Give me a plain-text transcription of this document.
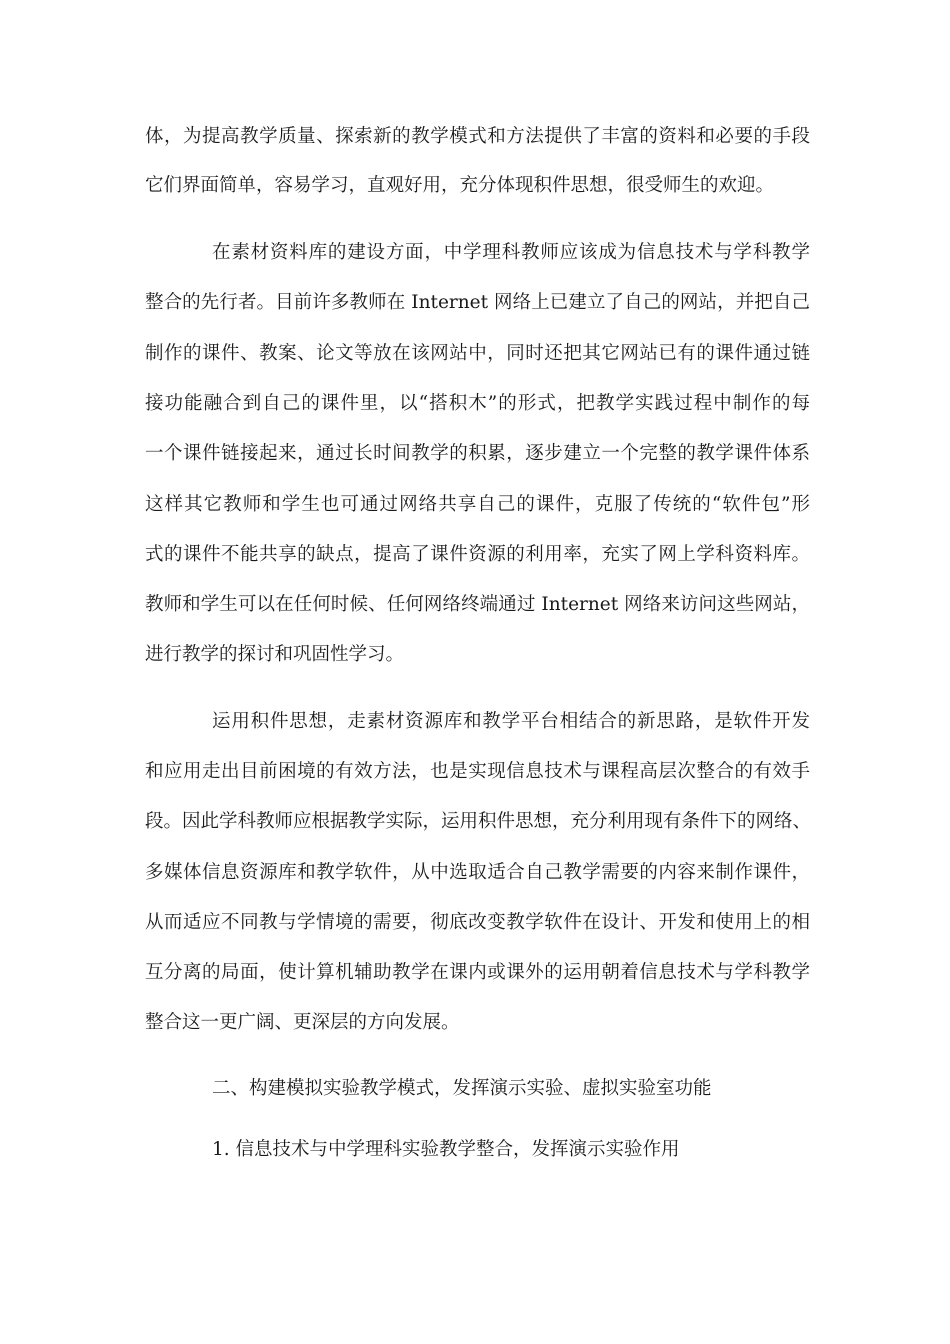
体，为提高教学质量、探索新的教学模式和方法提供了丰富的资料和必要的手段

它们界面简单，容易学习，直观好用，充分体现积件思想，很受师生的欢迎。

在素材资料库的建设方面，中学理科教师应该成为信息技术与学科教学

整合的先行者。目前许多教师在 Internet 网络上已建立了自己的网站，并把自己

制作的课件、教案、论文等放在该网站中，同时还把其它网站已有的课件通过链

接功能融合到自己的课件里，以“搭积木”的形式，把教学实践过程中制作的每

一个课件链接起来，通过长时间教学的积累，逐步建立一个完整的教学课件体系

这样其它教师和学生也可通过网络共享自己的课件，克服了传统的“软件包”形

式的课件不能共享的缺点，提高了课件资源的利用率，充实了网上学科资料库。

教师和学生可以在任何时候、任何网络终端通过 Internet 网络来访问这些网站，

进行教学的探讨和巩固性学习。

运用积件思想，走素材资源库和教学平台相结合的新思路，是软件开发

和应用走出目前困境的有效方法，也是实现信息技术与课程高层次整合的有效手

段。因此学科教师应根据教学实际，运用积件思想，充分利用现有条件下的网络、

多媒体信息资源库和教学软件，从中选取适合自己教学需要的内容来制作课件，

从而适应不同教与学情境的需要，彻底改变教学软件在设计、开发和使用上的相

互分离的局面，使计算机辅助教学在课内或课外的运用朝着信息技术与学科教学

整合这一更广阔、更深层的方向发展。

二、构建模拟实验教学模式，发挥演示实验、虚拟实验室功能

1. 信息技术与中学理科实验教学整合，发挥演示实验作用
